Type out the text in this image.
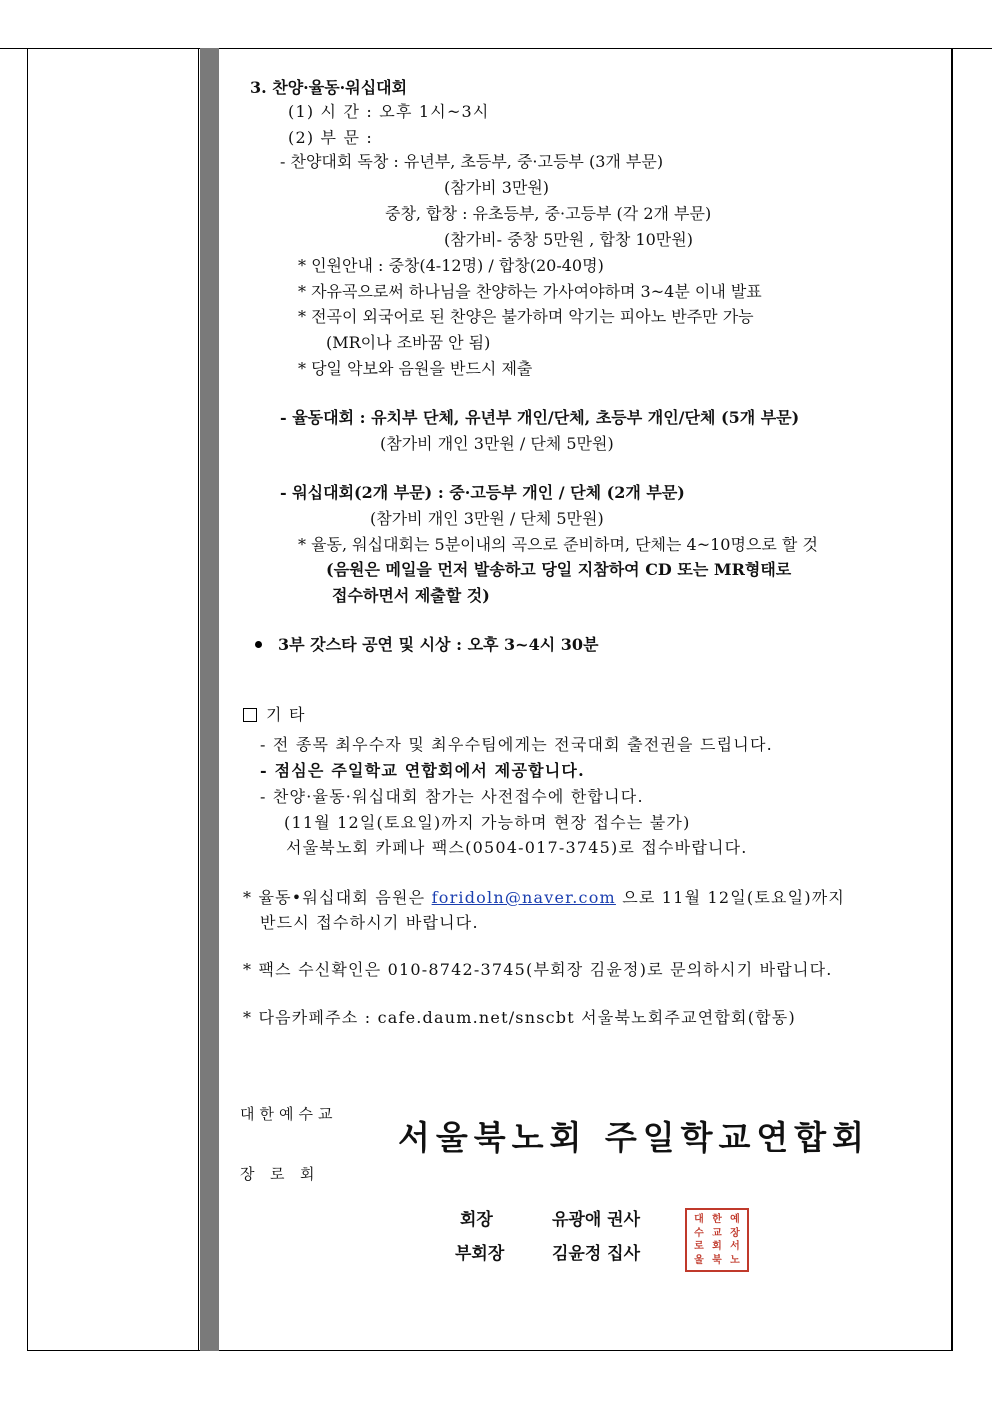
3. 찬양·율동·워십대회
(1) 시 간 : 오후 1시~3시
(2) 부 문 :
- 찬양대회 독창 : 유년부, 초등부, 중·고등부 (3개 부문)
(참가비 3만원)
중창, 합창 : 유초등부, 중·고등부 (각 2개 부문)
(참가비- 중창 5만원 , 합창 10만원)
* 인원안내 : 중창(4-12명) / 합창(20-40명)
* 자유곡으로써 하나님을 찬양하는 가사여야하며 3~4분 이내 발표
* 전곡이 외국어로 된 찬양은 불가하며 악기는 피아노 반주만 가능
(MR이나 조바꿈 안 됨)
* 당일 악보와 음원을 반드시 제출
- 율동대회 : 유치부 단체, 유년부 개인/단체, 초등부 개인/단체 (5개 부문)
(참가비 개인 3만원 / 단체 5만원)
- 워십대회(2개 부문) : 중·고등부 개인 / 단체 (2개 부문)
(참가비 개인 3만원 / 단체 5만원)
* 율동, 워십대회는 5분이내의 곡으로 준비하며, 단체는 4~10명으로 할 것
(음원은 메일을 먼저 발송하고 당일 지참하여 CD 또는 MR형태로
접수하면서 제출할 것)
3부 갓스타 공연 및 시상 : 오후 3~4시 30분
기 타
- 전 종목 최우수자 및 최우수팀에게는 전국대회 출전권을 드립니다.
- 점심은 주일학교 연합회에서 제공합니다.
- 찬양·율동·워십대회 참가는 사전접수에 한합니다.
(11월 12일(토요일)까지 가능하며 현장 접수는 불가)
서울북노회 카페나 팩스(0504-017-3745)로 접수바랍니다.
* 율동•워십대회 음원은 foridoln@naver.com 으로 11월 12일(토요일)까지
반드시 접수하시기 바랍니다.
* 팩스 수신확인은 010-8742-3745(부회장 김윤정)로 문의하시기 바랍니다.
* 다음카페주소 : cafe.daum.net/snscbt 서울북노회주교연합회(합동)
대한예수교
장  로  회
서울북노회 주일학교연합회
회장	유광애 권사
부회장	김윤정 집사
대 한 예
수 교 장
로 회 서
울 북 노
